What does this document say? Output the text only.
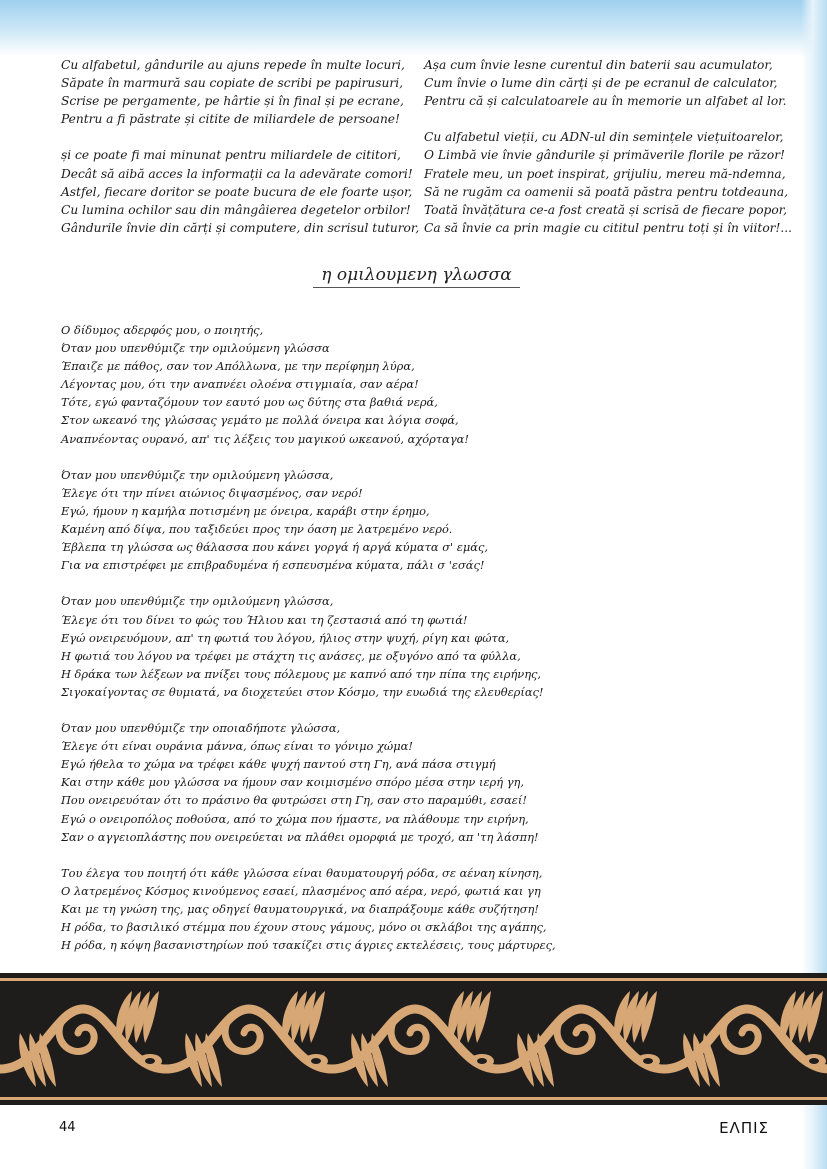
Cu alfabetul, gândurile au ajuns repede în multe locuri,
Săpate în marmură sau copiate de scribi pe papirusuri,
Scrise pe pergamente, pe hârtie și în final și pe ecrane,
Pentru a fi păstrate și citite de miliardele de persoane!
și ce poate fi mai minunat pentru miliardele de cititori,
Decât să aibă acces la informații ca la adevărate comori!
Astfel, fiecare doritor se poate bucura de ele foarte ușor,
Cu lumina ochilor sau din mângâierea degetelor orbilor!
Gândurile învie din cărți și computere, din scrisul tuturor,
Așa cum învie lesne curentul din baterii sau acumulator,
Cum învie o lume din cărți și de pe ecranul de calculator,
Pentru că și calculatoarele au în memorie un alfabet al lor.
Cu alfabetul vieții, cu ADN-ul din semințele viețuitoarelor,
O Limbă vie învie gândurile și primăverile florile pe răzor!
Fratele meu, un poet inspirat, grijuliu, mereu mă-ndemna,
Să ne rugăm ca oamenii să poată păstra pentru totdeauna,
Toată învățătura ce-a fost creată și scrisă de fiecare popor,
Ca să învie ca prin magie cu cititul pentru toți și în viitor!...
η ομιλουμενη γλωσσα
Ο δίδυμος αδερφός μου, ο ποιητής,
Όταν μου υπενθύμιζε την ομιλούμενη γλώσσα
Έπαιζε με πάθος, σαν τον Απόλλωνα, με την περίφημη λύρα,
Λέγοντας μου, ότι την αναπνέει ολοένα στιγμιαία, σαν αέρα!
Τότε, εγώ φανταζόμουν τον εαυτό μου ως δύτης στα βαθιά νερά,
Στον ωκεανό της γλώσσας γεμάτο με πολλά όνειρα και λόγια σοφά,
Αναπνέοντας ουρανό, απ' τις λέξεις του μαγικού ωκεανού, αχόρταγα!
Όταν μου υπενθύμιζε την ομιλούμενη γλώσσα,
Έλεγε ότι την πίνει αιώνιος διψασμένος, σαν νερό!
Εγώ, ήμουν η καμήλα ποτισμένη με όνειρα, καράβι στην έρημο,
Καμένη από δίψα, που ταξιδεύει προς την όαση με λατρεμένο νερό.
Έβλεπα τη γλώσσα ως θάλασσα που κάνει γοργά ή αργά κύματα σ' εμάς,
Για να επιστρέφει με επιβραδυμένα ή εσπευσμένα κύματα, πάλι σ 'εσάς!
Όταν μου υπενθύμιζε την ομιλούμενη γλώσσα,
Έλεγε ότι του δίνει το φώς του Ήλιου και τη ζεστασιά από τη φωτιά!
Εγώ ονειρευόμουν, απ' τη φωτιά του λόγου, ήλιος στην ψυχή, ρίγη και φώτα,
Η φωτιά του λόγου να τρέφει με στάχτη τις ανάσες, με οξυγόνο από τα φύλλα,
Η δράκα των λέξεων να πνίξει τους πόλεμους με καπνό από την πίπα της ειρήνης,
Σιγοκαίγοντας σε θυμιατά, να διοχετεύει στον Κόσμο, την ευωδιά της ελευθερίας!
Όταν μου υπενθύμιζε την οποιαδήποτε γλώσσα,
Έλεγε ότι είναι ουράνια μάννα, όπως είναι το γόνιμο χώμα!
Εγώ ήθελα το χώμα να τρέφει κάθε ψυχή παντού στη Γη, ανά πάσα στιγμή
Και στην κάθε μου γλώσσα να ήμουν σαν κοιμισμένο σπόρο μέσα στην ιερή γη,
Που ονειρευόταν ότι το πράσινο θα φυτρώσει στη Γη, σαν στο παραμύθι, εσαεί!
Εγώ ο ονειροπόλος ποθούσα, από το χώμα που ήμαστε, να πλάθουμε την ειρήνη,
Σαν ο αγγειοπλάστης που ονειρεύεται να πλάθει ομορφιά με τροχό, απ 'τη λάσπη!
Του έλεγα του ποιητή ότι κάθε γλώσσα είναι θαυματουργή ρόδα, σε αέναη κίνηση,
Ο λατρεμένος Κόσμος κινούμενος εσαεί, πλασμένος από αέρα, νερό, φωτιά και γη
Και με τη γνώση της, μας οδηγεί θαυματουργικά, να διαπράξουμε κάθε συζήτηση!
Η ρόδα, το βασιλικό στέμμα που έχουν στους γάμους, μόνο οι σκλάβοι της αγάπης,
Η ρόδα, η κόψη βασανιστηρίων πού τσακίζει στις άγριες εκτελέσεις, τους μάρτυρες,
44	ΕΛΠΙΣ
